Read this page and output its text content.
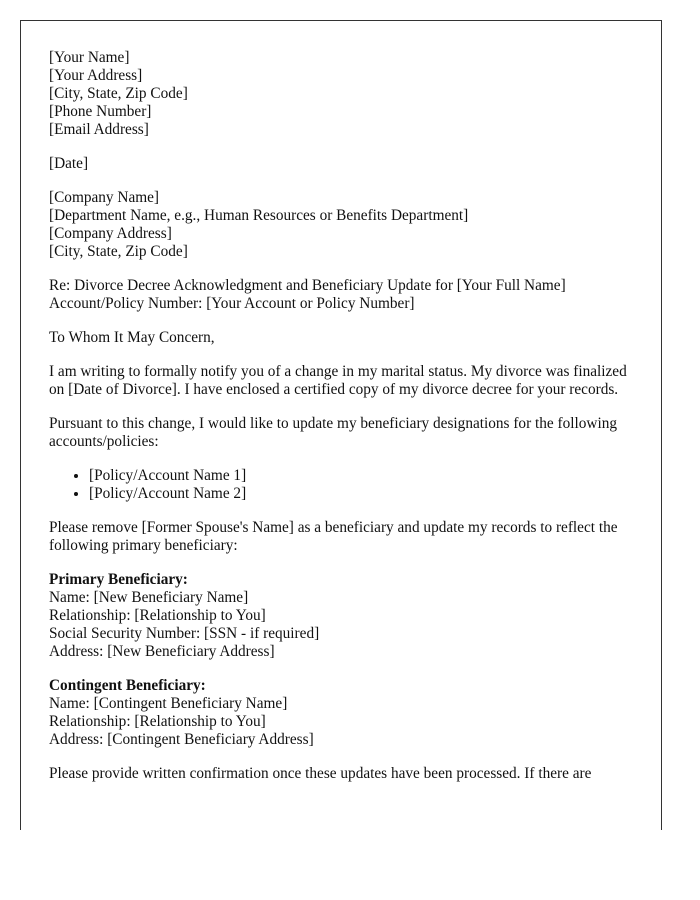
[Your Name]
[Your Address]
[City, State, Zip Code]
[Phone Number]
[Email Address]

[Date]

[Company Name]
[Department Name, e.g., Human Resources or Benefits Department]
[Company Address]
[City, State, Zip Code]

Re: Divorce Decree Acknowledgment and Beneficiary Update for [Your Full Name]
Account/Policy Number: [Your Account or Policy Number]

To Whom It May Concern,

I am writing to formally notify you of a change in my marital status. My divorce was finalized on [Date of Divorce]. I have enclosed a certified copy of my divorce decree for your records.

Pursuant to this change, I would like to update my beneficiary designations for the following accounts/policies:

• [Policy/Account Name 1]
• [Policy/Account Name 2]

Please remove [Former Spouse's Name] as a beneficiary and update my records to reflect the following primary beneficiary:

Primary Beneficiary:
Name: [New Beneficiary Name]
Relationship: [Relationship to You]
Social Security Number: [SSN - if required]
Address: [New Beneficiary Address]

Contingent Beneficiary:
Name: [Contingent Beneficiary Name]
Relationship: [Relationship to You]
Address: [Contingent Beneficiary Address]

Please provide written confirmation once these updates have been processed. If there are
